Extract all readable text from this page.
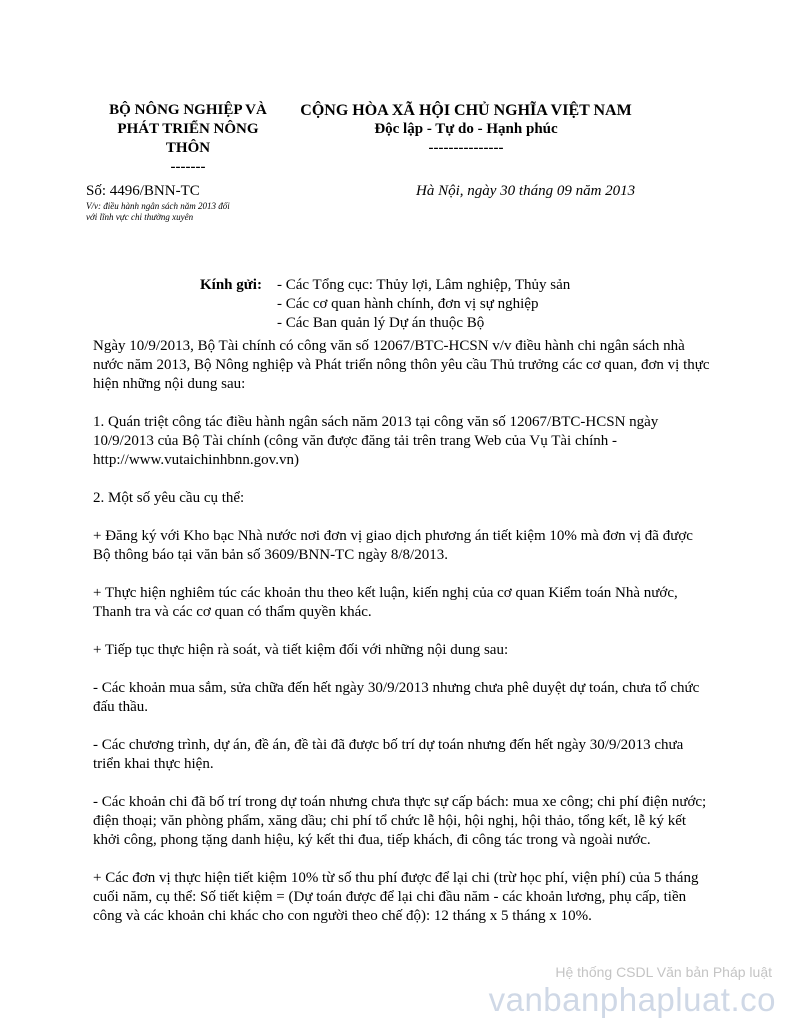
BỘ NÔNG NGHIỆP VÀ
PHÁT TRIỂN NÔNG
THÔN
-------
CỘNG HÒA XÃ HỘI CHỦ NGHĨA VIỆT NAM
Độc lập - Tự do - Hạnh phúc
---------------
Số: 4496/BNN-TC
V/v: điều hành ngân sách năm 2013 đối
với lĩnh vực chi thường xuyên
Hà Nội, ngày 30 tháng 09 năm 2013
Kính gửi: - Các Tổng cục: Thủy lợi, Lâm nghiệp, Thủy sản
- Các cơ quan hành chính, đơn vị sự nghiệp
- Các Ban quản lý Dự án thuộc Bộ

Ngày 10/9/2013, Bộ Tài chính có công văn số 12067/BTC-HCSN v/v điều hành chi ngân sách nhà nước năm 2013, Bộ Nông nghiệp và Phát triển nông thôn yêu cầu Thủ trưởng các cơ quan, đơn vị thực hiện những nội dung sau:

1. Quán triệt công tác điều hành ngân sách năm 2013 tại công văn số 12067/BTC-HCSN ngày 10/9/2013 của Bộ Tài chính (công văn được đăng tải trên trang Web của Vụ Tài chính - http://www.vutaichinhbnn.gov.vn)

2. Một số yêu cầu cụ thể:

+ Đăng ký với Kho bạc Nhà nước nơi đơn vị giao dịch phương án tiết kiệm 10% mà đơn vị đã được Bộ thông báo tại văn bản số 3609/BNN-TC ngày 8/8/2013.

+ Thực hiện nghiêm túc các khoản thu theo kết luận, kiến nghị của cơ quan Kiểm toán Nhà nước, Thanh tra và các cơ quan có thẩm quyền khác.

+ Tiếp tục thực hiện rà soát, và tiết kiệm đối với những nội dung sau:

- Các khoản mua sắm, sửa chữa đến hết ngày 30/9/2013 nhưng chưa phê duyệt dự toán, chưa tổ chức đấu thầu.

- Các chương trình, dự án, đề án, đề tài đã được bố trí dự toán nhưng đến hết ngày 30/9/2013 chưa triển khai thực hiện.

- Các khoản chi đã bố trí trong dự toán nhưng chưa thực sự cấp bách: mua xe công; chi phí điện nước; điện thoại; văn phòng phẩm, xăng dầu; chi phí tổ chức lễ hội, hội nghị, hội thảo, tổng kết, lễ ký kết khởi công, phong tặng danh hiệu, ký kết thi đua, tiếp khách, đi công tác trong và ngoài nước.

+ Các đơn vị thực hiện tiết kiệm 10% từ số thu phí được để lại chi (trừ học phí, viện phí) của 5 tháng cuối năm, cụ thể: Số tiết kiệm = (Dự toán được để lại chi đầu năm - các khoản lương, phụ cấp, tiền công và các khoản chi khác cho con người theo chế độ): 12 tháng x 5 tháng x 10%.

Hệ thống CSDL Văn bản Pháp luật
vanbanphapluat.co
